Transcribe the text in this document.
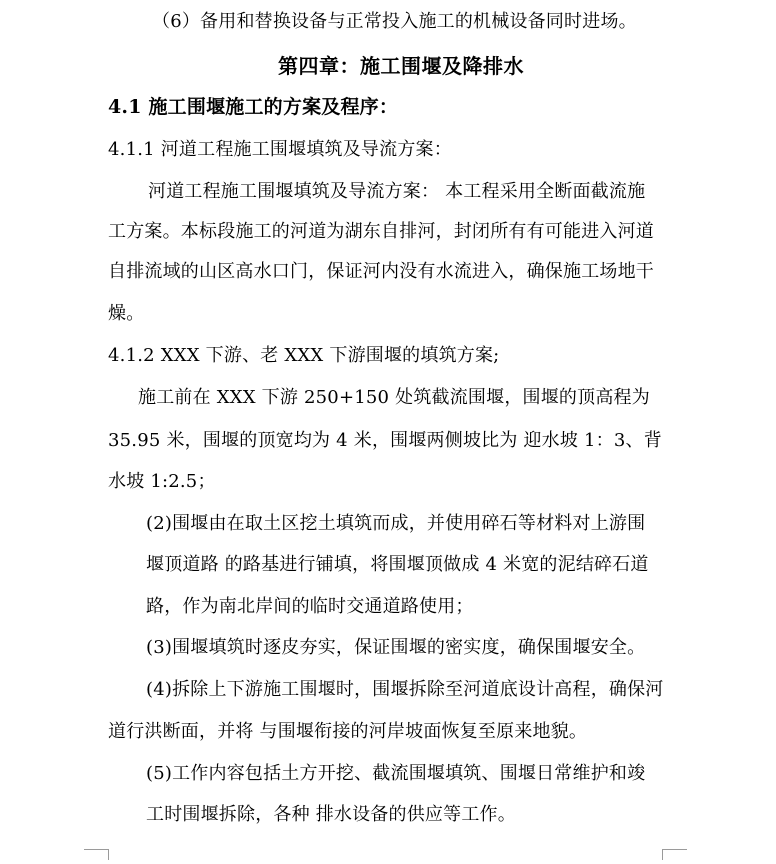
（6）备用和替换设备与正常投入施工的机械设备同时进场。
第四章：施工围堰及降排水
4.1 施工围堰施工的方案及程序：
4.1.1 河道工程施工围堰填筑及导流方案：
河道工程施工围堰填筑及导流方案： 本工程采用全断面截流施
工方案。本标段施工的河道为湖东自排河，封闭所有有可能进入河道
自排流域的山区高水口门，保证河内没有水流进入，确保施工场地干
燥。
4.1.2 XXX 下游、老 XXX 下游围堰的填筑方案;
施工前在 XXX 下游 250+150 处筑截流围堰，围堰的顶高程为
35.95 米，围堰的顶宽均为 4 米，围堰两侧坡比为 迎水坡 1：3、背
水坡 1:2.5；
(2)围堰由在取土区挖土填筑而成，并使用碎石等材料对上游围
堰顶道路 的路基进行铺填，将围堰顶做成 4 米宽的泥结碎石道
路，作为南北岸间的临时交通道路使用；
(3)围堰填筑时逐皮夯实，保证围堰的密实度，确保围堰安全。
(4)拆除上下游施工围堰时，围堰拆除至河道底设计高程，确保河
道行洪断面，并将 与围堰衔接的河岸坡面恢复至原来地貌。
(5)工作内容包括土方开挖、截流围堰填筑、围堰日常维护和竣
工时围堰拆除，各种 排水设备的供应等工作。
